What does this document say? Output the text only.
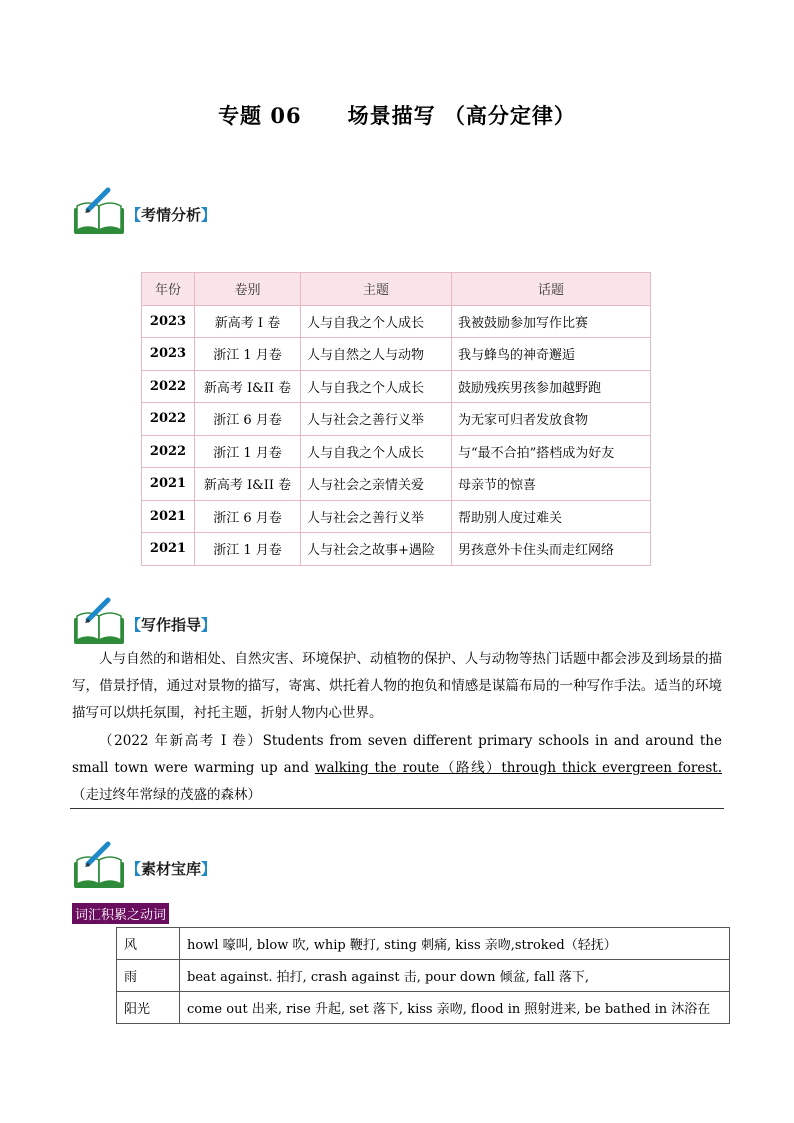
专题 06 场景描写 （高分定律）
【考情分析】
年份	卷别	主题	话题
2023	新高考 I 卷	人与自我之个人成长	我被鼓励参加写作比赛
2023	浙江 1 月卷	人与自然之人与动物	我与蜂鸟的神奇邂逅
2022	新高考 I&II 卷	人与自我之个人成长	鼓励残疾男孩参加越野跑
2022	浙江 6 月卷	人与社会之善行义举	为无家可归者发放食物
2022	浙江 1 月卷	人与自我之个人成长	与“最不合拍”搭档成为好友
2021	新高考 I&II 卷	人与社会之亲情关爱	母亲节的惊喜
2021	浙江 6 月卷	人与社会之善行义举	帮助别人度过难关
2021	浙江 1 月卷	人与社会之故事+遇险	男孩意外卡住头而走红网络
【写作指导】
人与自然的和谐相处、自然灾害、环境保护、动植物的保护、人与动物等热门话题中都会涉及到场景的描写，借景抒情，通过对景物的描写，寄寓、烘托着人物的抱负和情感是谋篇布局的一种写作手法。适当的环境描写可以烘托氛围，衬托主题，折射人物内心世界。
（2022 年新高考 I 卷）Students from seven different primary schools in and around the small town were warming up and walking the route（路线）through thick evergreen forest.（走过终年常绿的茂盛的森林）
【素材宝库】
词汇积累之动词
风	howl 嚎叫, blow 吹, whip 鞭打, sting 刺痛, kiss 亲吻,stroked（轻抚）
雨	beat against. 拍打, crash against 击, pour down 倾盆, fall 落下,
阳光	come out 出来, rise 升起, set 落下, kiss 亲吻, flood in 照射进来, be bathed in 沐浴在
